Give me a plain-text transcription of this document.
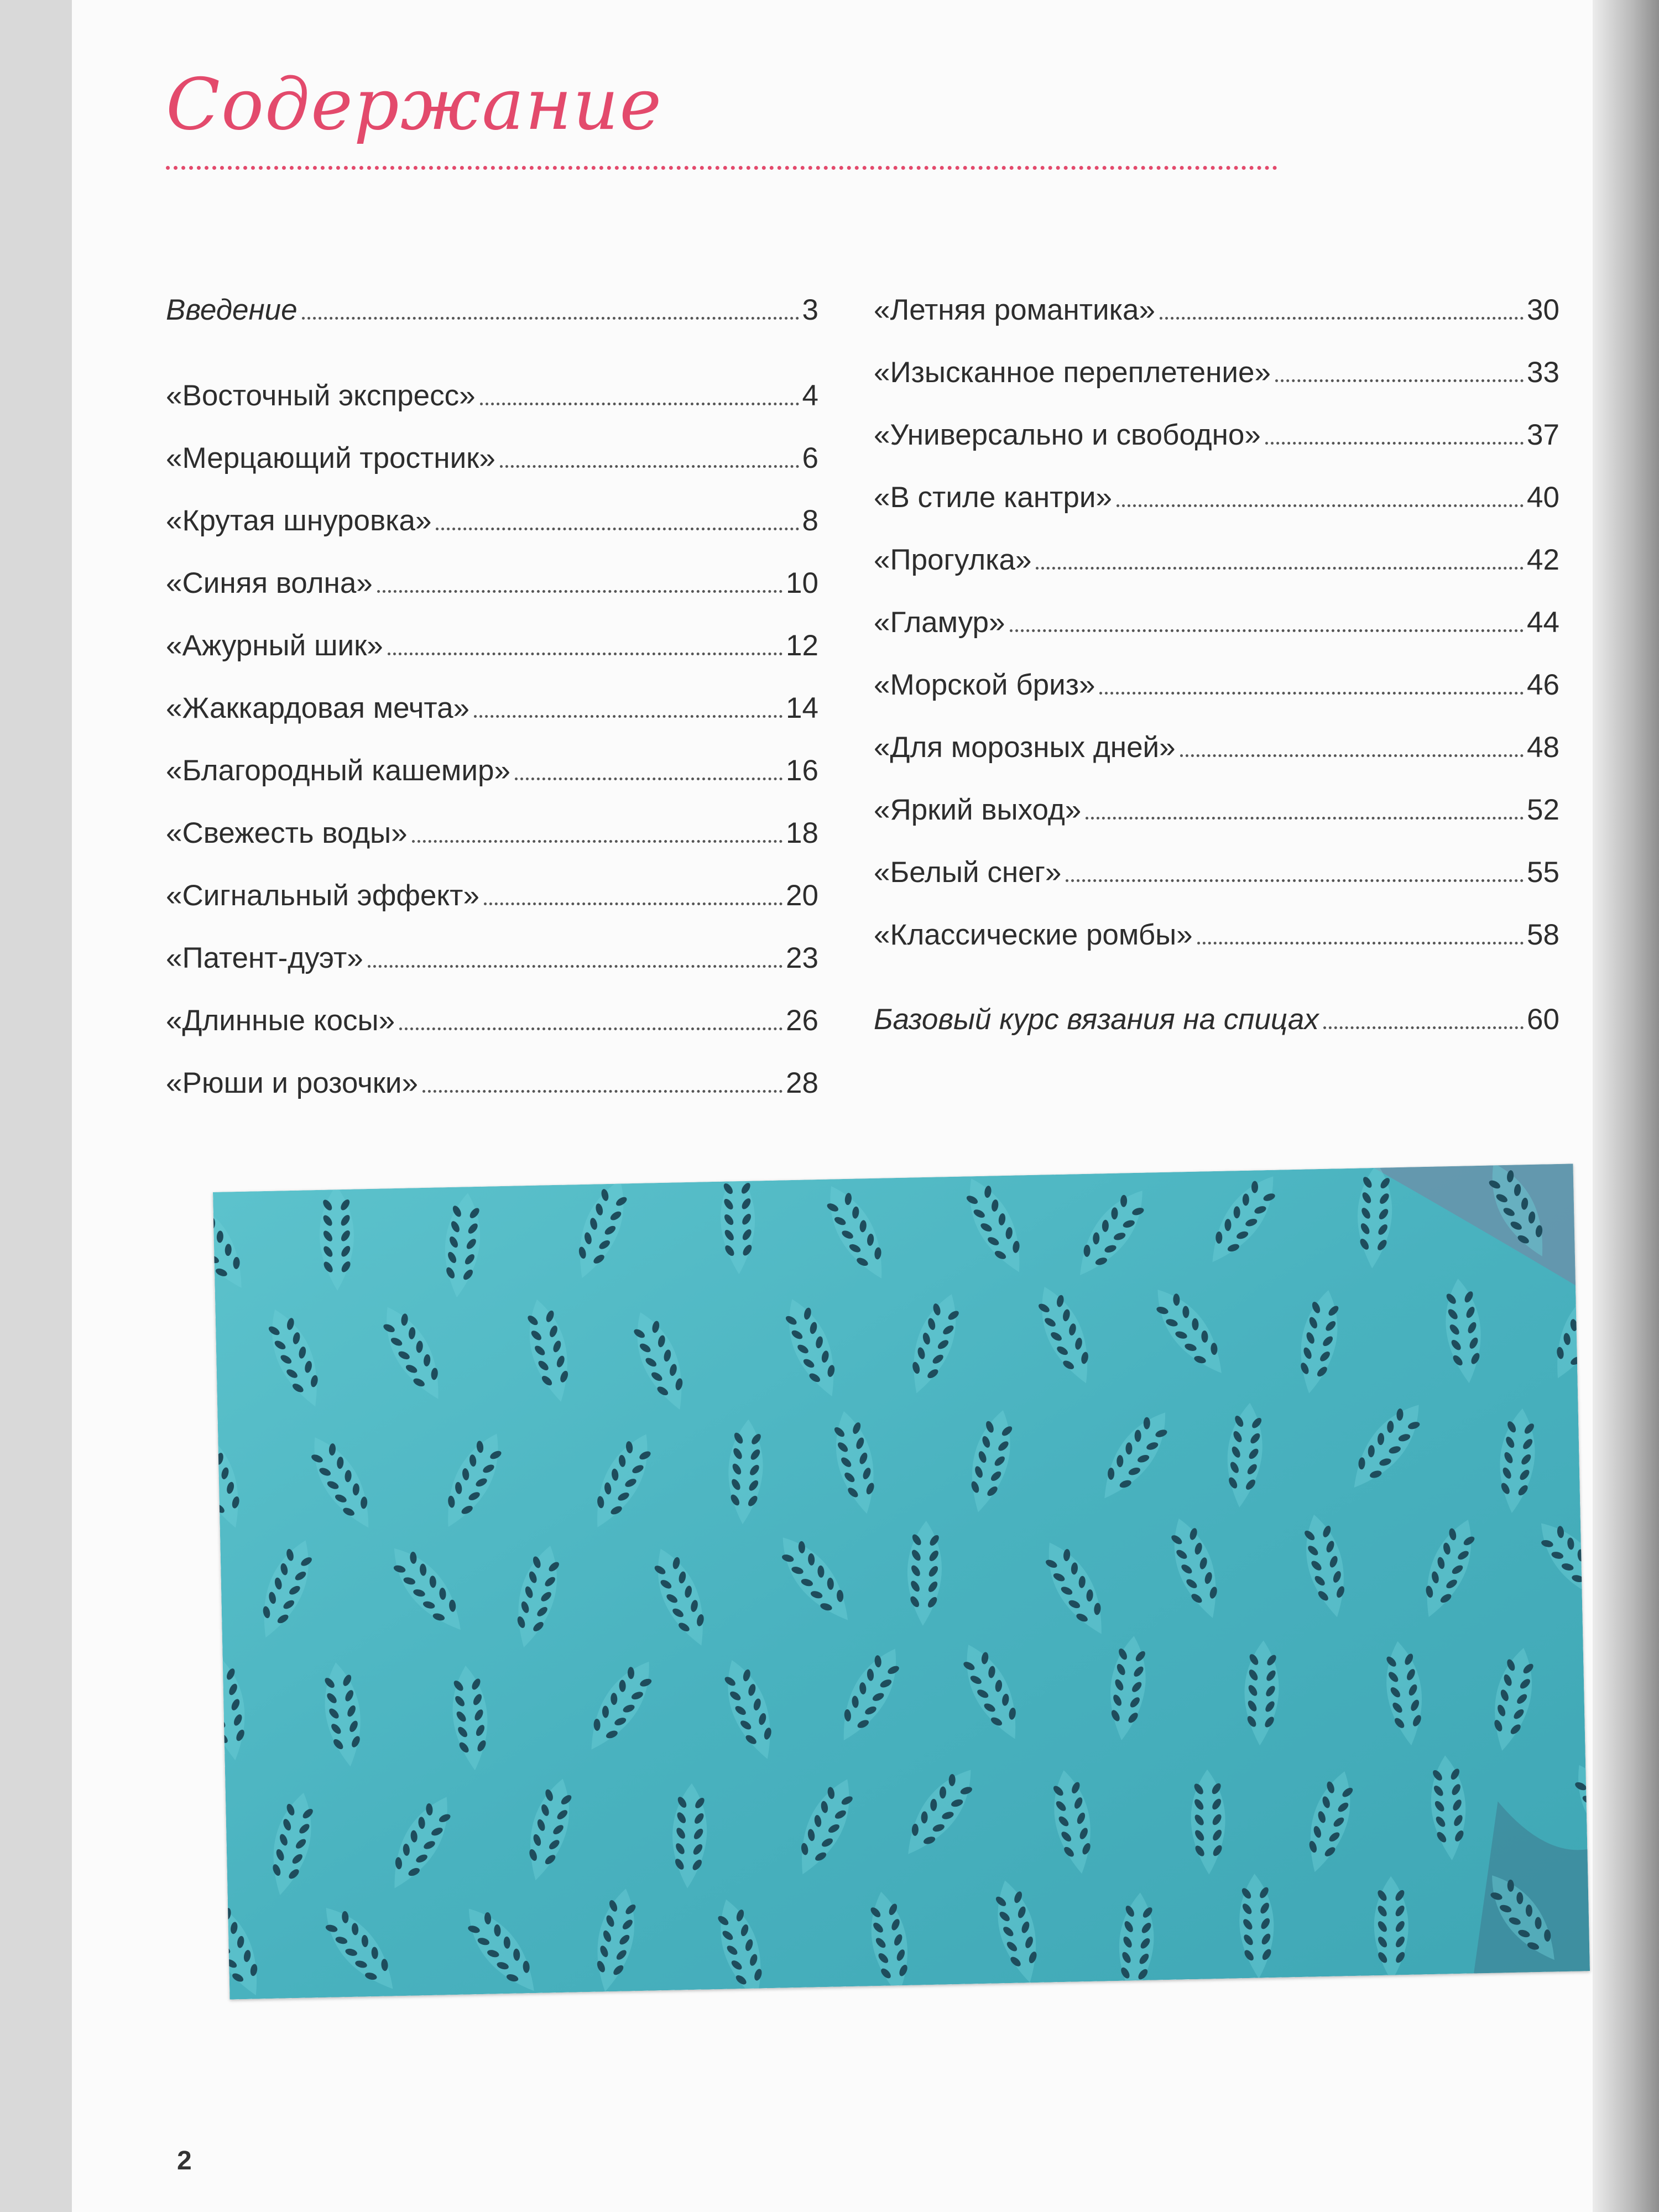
Содержание
Введение	3
«Восточный экспресс»	4
«Мерцающий тростник»	6
«Крутая шнуровка»	8
«Синяя волна»	10
«Ажурный шик»	12
«Жаккардовая мечта»	14
«Благородный кашемир»	16
«Свежесть воды»	18
«Сигнальный эффект»	20
«Патент-дуэт»	23
«Длинные косы»	26
«Рюши и розочки»	28
«Летняя романтика»	30
«Изысканное переплетение»	33
«Универсально и свободно»	37
«В стиле кантри»	40
«Прогулка»	42
«Гламур»	44
«Морской бриз»	46
«Для морозных дней»	48
«Яркий выход»	52
«Белый снег»	55
«Классические ромбы»	58
Базовый курс вязания на спицах	60
2
